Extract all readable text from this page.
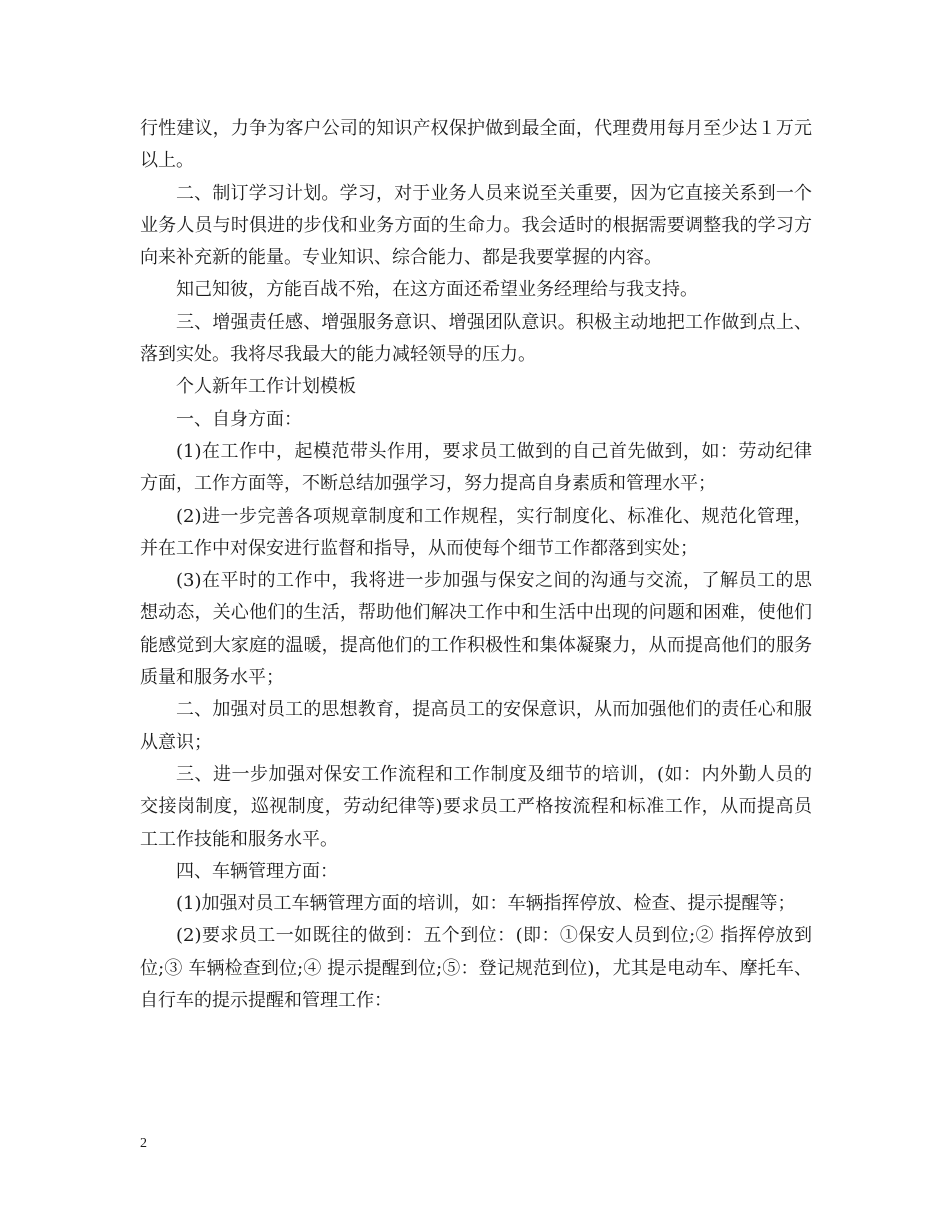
行性建议，力争为客户公司的知识产权保护做到最全面，代理费用每月至少达１万元以上。

二、制订学习计划。学习，对于业务人员来说至关重要，因为它直接关系到一个业务人员与时俱进的步伐和业务方面的生命力。我会适时的根据需要调整我的学习方向来补充新的能量。专业知识、综合能力、都是我要掌握的内容。

知己知彼，方能百战不殆，在这方面还希望业务经理给与我支持。

三、增强责任感、增强服务意识、增强团队意识。积极主动地把工作做到点上、落到实处。我将尽我最大的能力减轻领导的压力。

个人新年工作计划模板

一、自身方面：

(1)在工作中，起模范带头作用，要求员工做到的自己首先做到，如：劳动纪律方面，工作方面等，不断总结加强学习，努力提高自身素质和管理水平；

(2)进一步完善各项规章制度和工作规程，实行制度化、标准化、规范化管理，并在工作中对保安进行监督和指导，从而使每个细节工作都落到实处；

(3)在平时的工作中，我将进一步加强与保安之间的沟通与交流，了解员工的思想动态，关心他们的生活，帮助他们解决工作中和生活中出现的问题和困难，使他们能感觉到大家庭的温暖，提高他们的工作积极性和集体凝聚力，从而提高他们的服务质量和服务水平；

二、加强对员工的思想教育，提高员工的安保意识，从而加强他们的责任心和服从意识；

三、进一步加强对保安工作流程和工作制度及细节的培训，(如：内外勤人员的交接岗制度，巡视制度，劳动纪律等)要求员工严格按流程和标准工作，从而提高员工工作技能和服务水平。

四、车辆管理方面：

(1)加强对员工车辆管理方面的培训，如：车辆指挥停放、检查、提示提醒等；

(2)要求员工一如既往的做到：五个到位：(即：①保安人员到位;② 指挥停放到位;③ 车辆检查到位;④ 提示提醒到位;⑤：登记规范到位)，尤其是电动车、摩托车、自行车的提示提醒和管理工作：

2
